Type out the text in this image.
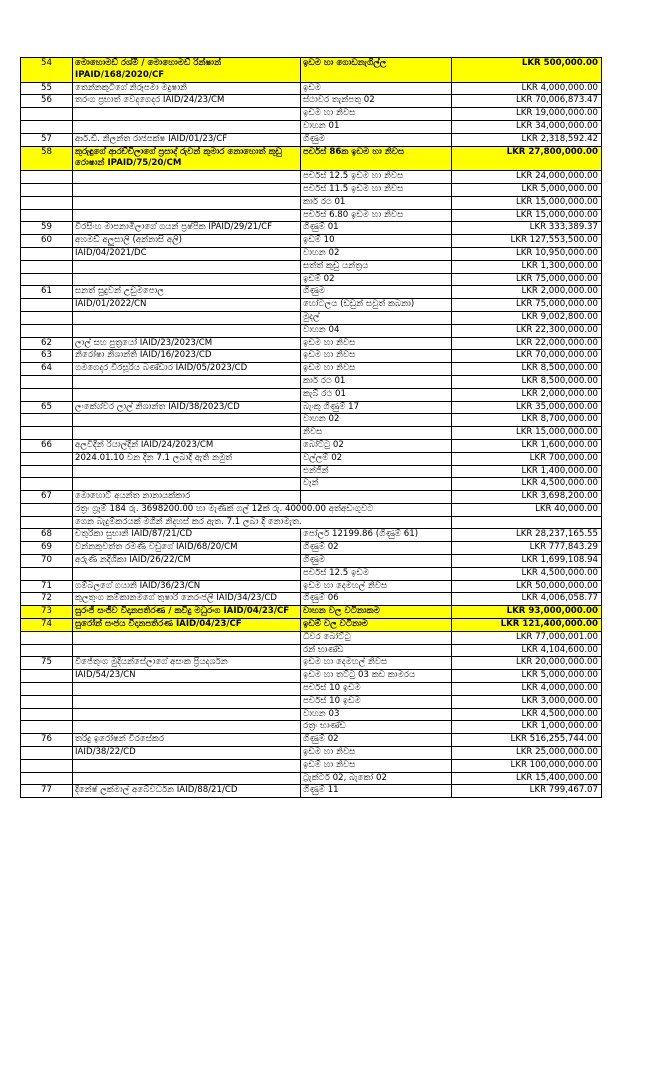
54	මොහොමඩ් රශ්මි / මොහොමඩ් රින්ෂාන් IPAID/168/2020/CF	ඉඩම හා ගොඩනැගිල්ල	LKR 500,000.00
55	තෙන්නකුටිගේ නිරූපමා මදුෂානි	ඉඩම	LKR 4,000,000.00
56	තරංග ප්‍රභාත් වෙදගෙදර IAID/24/23/CM	ස්ථාවර තැන්පතු 02	LKR 70,006,873.47
		ඉඩම හා නිවස	LKR 19,000,000.00
		වාහන 01	LKR 34,000,000.00
57	ආර්.ඩී. නිලන්ත රාජපක්ෂ IAID/01/23/CF	ගිණුම	LKR 2,318,592.42
58	කුරුඳුගේ ආරච්චිලාගේ ප්‍රසාද් රුවන් කුමාර නොහොත් කුඩු රොෂාන් IPAID/75/20/CM	පර්චස් 86ක ඉඩම හා නිවස	LKR 27,800,000.00
		පර්චස් 12.5 ඉඩම හා නිවස	LKR 24,000,000.00
		පර්චස් 11.5 ඉඩම හා නිවස	LKR 5,000,000.00
		කාර් රථ 01	LKR 15,000,000.00
		පර්චස් 6.80 ඉඩම හා නිවස	LKR 15,000,000.00
59	වීරසිංහ මාපනාමිලාගේ ගයන් ප්‍රෂ්පික IPAID/29/21/CF	ගිණුම් 01	LKR 333,389.37
60	අහමඩ් අලුසාලි (අන්නාසි අලි)	ඉඩම් 10	LKR 127,553,500.00
	IAID/04/2021/DC	වාහන 02	LKR 10,950,000.00
		සත්ත් කුඩු යන්ත්‍රය	LKR 1,300,000.00
		ඉඩම් 02	LKR 75,000,000.00
61	සනත් සුදුවන් උඩුමපොල	ගිණුම	LKR 2,000,000.00
	IAID/01/2022/CN	හෝටලය (ඩඩුන් සවුත් කබනා)	LKR 75,000,000.00
		මුදල්	LKR 9,002,800.00
		වාහන 04	LKR 22,300,000.00
62	ලාල් සහ පුත්‍රයෝ IAID/23/2023/CM	ඉඩම හා නිවස	LKR 22,000,000.00
63	නිරෝෂා නිශාන්ති IAID/16/2023/CD	ඉඩම හා නිවස	LKR 70,000,000.00
64	ගමගෙදර වීරසූරිය බණ්ඩාර IAID/05/2023/CD	ඉඩම හා නිවස	LKR 8,500,000.00
		කාර් රථ 01	LKR 8,500,000.00
		කැබ් රථ 01	LKR 2,000,000.00
65	ලංකේශ්වර ලාල් නිශාන්ත IAID/38/2023/CD	බැංකු ගිණුම් 17	LKR 35,000,000.00
		වාහන 02	LKR 8,700,000.00
		නිවස	LKR 15,000,000.00
66	අලවිදින් රියාල්දීන් IAID/24/2023/CM	බෝට්ටු 02	LKR 1,600,000.00
	2024.01.10 වන දින 7.1 ලබාදී ඇති නමුත්	වල්ලම් 02	LKR 700,000.00
		එන්ජින්	LKR 1,400,000.00
		වෑන්	LKR 4,500,000.00
67	මොහොට් අයන්ත නානායක්කාර		LKR 3,698,200.00
	රත්‍රං ග්‍රෑම් 184 රු. 3698200.00 හා මැණික් ගල් 12ක් රු. 40000.00 අත්අඩංගුවට		LKR 40,000.00
	ගෙන බැදුම්කරයක් මගින් නිදහස් කර ඇත. 7.1 ලබා දී නොමැත.		
68	චතුරිකා සුභානි IAID/87/21/CD	පෝලර් 12199.86 (ගිණුම් 61)	LKR 28,237,165.55
69	වන්නකුවත්ත රමණි වඩුගේ IAID/68/20/CM	ගිණුම් 02	LKR 777,843.29
70	අරුණි නදිශිකා IAID/26/22/CM	ගිණුම	LKR 1,699,108.94
		පර්චස් 12.5 ඉඩම	LKR 4,500,000.00
71	ගම්බලගේ ගයානි IAID/36/23/CN	ඉඩම හා දෙමහල් නිවස	LKR 50,000,000.00
72	කුලතුංග කම්කානමගේ තුෂාරි නෙරංජලී IAID/34/23/CD	ගිණුම් 06	LKR 4,006,058.77
73	සුරංජි සංජීව විදානපතිරණ / කවිදු මධුරංග IAID/04/23/CF	වාහන වල වටිනාකම	LKR 93,000,000.00
74	සුරෝන් සංජය විදානපතිරණ IAID/04/23/CF	ඉඩම් වල වටිනාම	LKR 121,400,000.00
		ධීවර බෝට්ටු	LKR 77,000,001.00
		රන් භාණ්ඩ	LKR 4,104,600.00
75	විජේතුංග මුදියන්සේලාගේ අසංක ප්‍රියදර්ශන	ඉඩම හා දෙමහල් නිවස	LKR 20,000,000.00
	IAID/54/23/CN	ඉඩම හා තට්ටු 03 කඩ කාමරය	LKR 5,000,000.00
		පර්චස් 10 ඉඩම	LKR 4,000,000.00
		පර්චස් 10 ඉඩම	LKR 3,000,000.00
		වාහන 03	LKR 4,500,000.00
		රත්‍රං භාණ්ඩ	LKR 1,000,000.00
76	තරිදු ඉරෝෂන් වීරසේකර	ගිණුම් 02	LKR 516,255,744.00
	IAID/38/22/CD	ඉඩම හා නිවස	LKR 25,000,000.00
		ඉඩම් හා නිවස	LKR 100,000,000.00
		ට්‍රැක්ටර් 02, බැකෝ 02	LKR 15,400,000.00
77	දිනේෂ් ලක්මාල් අබේවර්ධන IAID/88/21/CD	ගිණුම් 11	LKR 799,467.07
